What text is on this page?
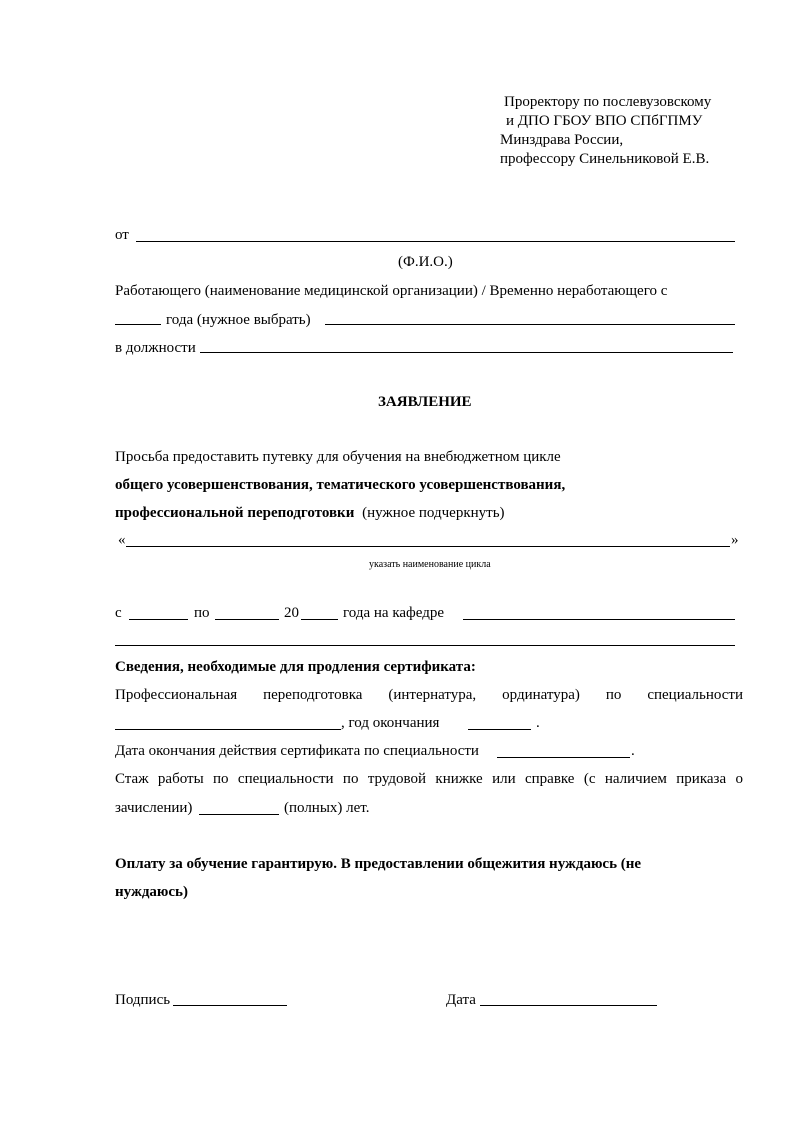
Проректору по послевузовскому
и ДПО ГБОУ ВПО СПбГПМУ
Минздрава России,
профессору Синельниковой Е.В.
от
(Ф.И.О.)
Работающего (наименование медицинской организации) / Временно неработающего с
года (нужное выбрать)
в должности
ЗАЯВЛЕНИЕ
Просьба предоставить путевку для обучения на внебюджетном цикле
общего усовершенствования, тематического усовершенствования,
профессиональной переподготовки (нужное подчеркнуть)
«	»
указать наименование цикла
с	по	20	года на кафедре
Сведения, необходимые для продления сертификата:
Профессиональная переподготовка (интернатура, ординатура) по специальности
, год окончания	.
Дата окончания действия сертификата по специальности	.
Стаж работы по специальности по трудовой книжке или справке (с наличием приказа о
зачислении)	(полных) лет.
Оплату за обучение гарантирую. В предоставлении общежития нуждаюсь (не
нуждаюсь)
Подпись	Дата
